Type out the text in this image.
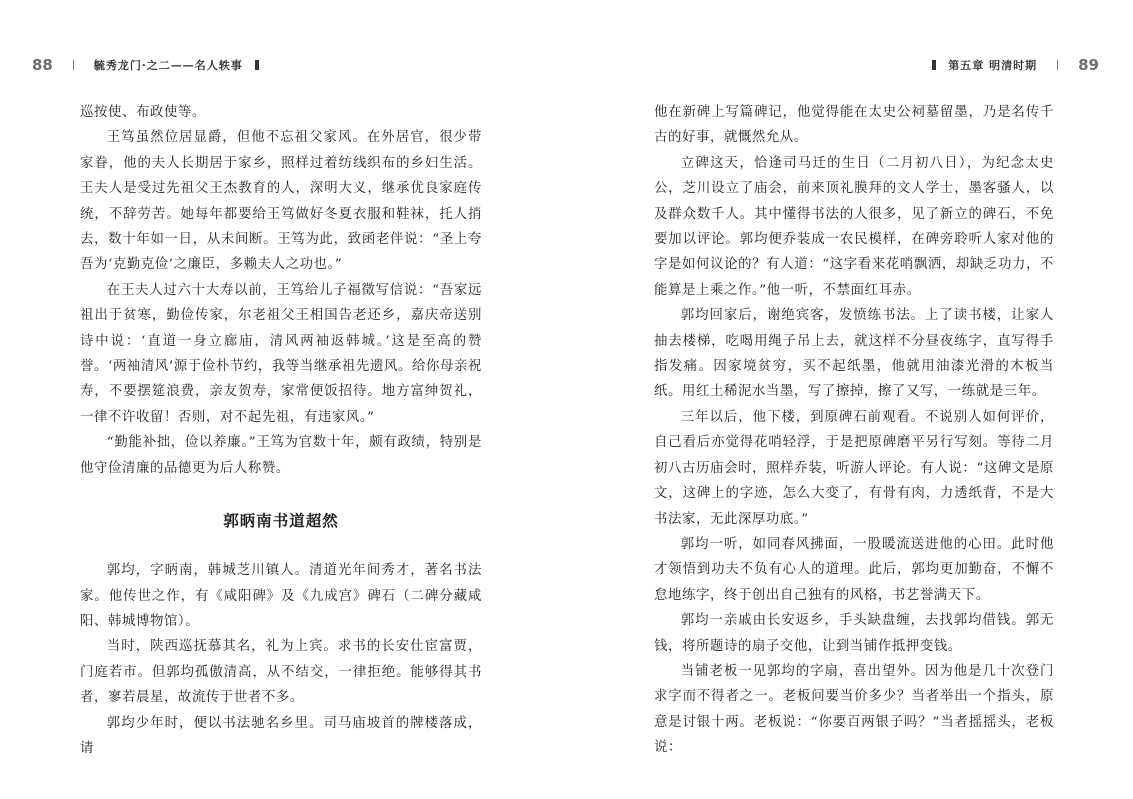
88	毓秀龙门·之二——名人轶事

巡按使、布政使等。

王笃虽然位居显爵，但他不忘祖父家风。在外居官，很少带家眷，他的夫人长期居于家乡，照样过着纺线织布的乡妇生活。王夫人是受过先祖父王杰教育的人，深明大义，继承优良家庭传统，不辞劳苦。她每年都要给王笃做好冬夏衣服和鞋袜，托人捎去，数十年如一日，从未间断。王笃为此，致函老伴说：“圣上夸吾为‘克勤克俭’之廉臣，多赖夫人之功也。”

在王夫人过六十大寿以前，王笃给儿子福徵写信说：“吾家远祖出于贫寒，勤俭传家，尔老祖父王相国告老还乡，嘉庆帝送别诗中说：‘直道一身立廊庙，清风两袖返韩城。’这是至高的赞誉。‘两袖清风’源于俭朴节约，我等当继承祖先遗风。给你母亲祝寿，不要摆筵浪费，亲友贺寿，家常便饭招待。地方富绅贺礼，一律不许收留！否则，对不起先祖，有违家风。”

“勤能补拙，俭以养廉。”王笃为官数十年，颇有政绩，特别是他守俭清廉的品德更为后人称赞。

郭昞南书道超然

郭均，字昞南，韩城芝川镇人。清道光年间秀才，著名书法家。他传世之作，有《咸阳碑》及《九成宫》碑石（二碑分藏咸阳、韩城博物馆）。

当时，陕西巡抚慕其名，礼为上宾。求书的长安仕宦富贾，门庭若市。但郭均孤傲清高，从不结交，一律拒绝。能够得其书者，寥若晨星，故流传于世者不多。

郭均少年时，便以书法驰名乡里。司马庙坡首的牌楼落成，请

第五章 明清时期	89

他在新碑上写篇碑记，他觉得能在太史公祠墓留墨，乃是名传千古的好事，就慨然允从。

立碑这天，恰逢司马迁的生日（二月初八日），为纪念太史公，芝川设立了庙会，前来顶礼膜拜的文人学士，墨客骚人，以及群众数千人。其中懂得书法的人很多，见了新立的碑石，不免要加以评论。郭均便乔装成一农民模样，在碑旁聆听人家对他的字是如何议论的？有人道：“这字看来花哨飘洒，却缺乏功力，不能算是上乘之作。”他一听，不禁面红耳赤。

郭均回家后，谢绝宾客，发愤练书法。上了读书楼，让家人抽去楼梯，吃喝用绳子吊上去，就这样不分昼夜练字，直写得手指发痛。因家境贫穷，买不起纸墨，他就用油漆光滑的木板当纸。用红土稀泥水当墨，写了擦掉，擦了又写，一练就是三年。

三年以后，他下楼，到原碑石前观看。不说别人如何评价，自己看后亦觉得花哨轻浮，于是把原碑磨平另行写刻。等待二月初八古历庙会时，照样乔装，听游人评论。有人说：“这碑文是原文，这碑上的字迹，怎么大变了，有骨有肉，力透纸背，不是大书法家，无此深厚功底。”

郭均一听，如同春风拂面，一股暖流送进他的心田。此时他才领悟到功夫不负有心人的道理。此后，郭均更加勤奋，不懈不怠地练字，终于创出自己独有的风格，书艺誉满天下。

郭均一亲戚由长安返乡，手头缺盘缠，去找郭均借钱。郭无钱，将所题诗的扇子交他，让到当铺作抵押变钱。

当铺老板一见郭均的字扇，喜出望外。因为他是几十次登门求字而不得者之一。老板问要当价多少？当者举出一个指头，原意是讨银十两。老板说：“你要百两银子吗？”当者摇摇头，老板说：
